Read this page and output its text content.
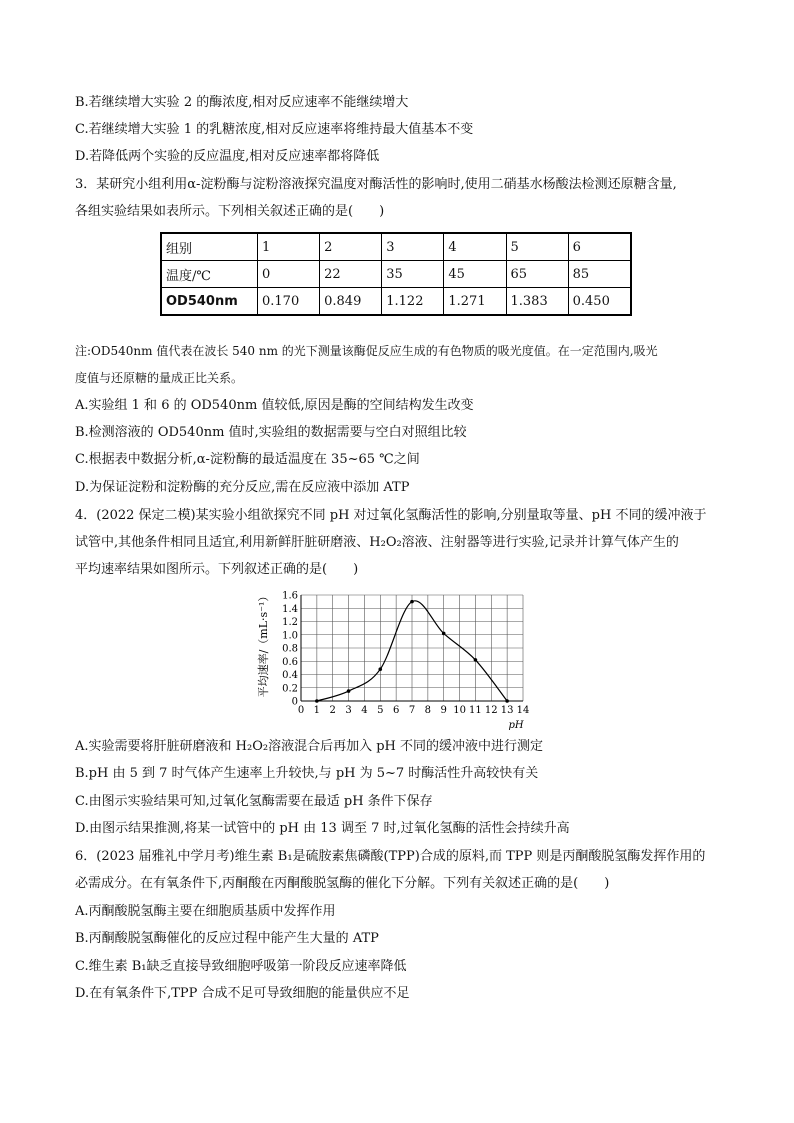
B.若继续增大实验 2 的酶浓度,相对反应速率不能继续增大
C.若继续增大实验 1 的乳糖浓度,相对反应速率将维持最大值基本不变
D.若降低两个实验的反应温度,相对反应速率都将降低
3．某研究小组利用α-淀粉酶与淀粉溶液探究温度对酶活性的影响时,使用二硝基水杨酸法检测还原糖含量,
各组实验结果如表所示。下列相关叙述正确的是(　　)
组别	1	2	3	4	5	6
温度/℃	0	22	35	45	65	85
OD540nm	0.170	0.849	1.122	1.271	1.383	0.450
注:OD540nm 值代表在波长 540 nm 的光下测量该酶促反应生成的有色物质的吸光度值。在一定范围内,吸光
度值与还原糖的量成正比关系。
A.实验组 1 和 6 的 OD540nm 值较低,原因是酶的空间结构发生改变
B.检测溶液的 OD540nm 值时,实验组的数据需要与空白对照组比较
C.根据表中数据分析,α-淀粉酶的最适温度在 35~65 ℃之间
D.为保证淀粉和淀粉酶的充分反应,需在反应液中添加 ATP
4．(2022 保定二模)某实验小组欲探究不同 pH 对过氧化氢酶活性的影响,分别量取等量、pH 不同的缓冲液于
试管中,其他条件相同且适宜,利用新鲜肝脏研磨液、H₂O₂溶液、注射器等进行实验,记录并计算气体产生的
平均速率结果如图所示。下列叙述正确的是(　　)
0 1 2 3 4 5 6 7 8 9 10 11 12 13 14
0
0.2
0.4
0.6
0.8
1.0
1.2
1.4
1.6
平均速率/（mL·s⁻¹）
pH
A.实验需要将肝脏研磨液和 H₂O₂溶液混合后再加入 pH 不同的缓冲液中进行测定
B.pH 由 5 到 7 时气体产生速率上升较快,与 pH 为 5~7 时酶活性升高较快有关
C.由图示实验结果可知,过氧化氢酶需要在最适 pH 条件下保存
D.由图示结果推测,将某一试管中的 pH 由 13 调至 7 时,过氧化氢酶的活性会持续升高
6．(2023 届雅礼中学月考)维生素 B₁是硫胺素焦磷酸(TPP)合成的原料,而 TPP 则是丙酮酸脱氢酶发挥作用的
必需成分。在有氧条件下,丙酮酸在丙酮酸脱氢酶的催化下分解。下列有关叙述正确的是(　　)
A.丙酮酸脱氢酶主要在细胞质基质中发挥作用
B.丙酮酸脱氢酶催化的反应过程中能产生大量的 ATP
C.维生素 B₁缺乏直接导致细胞呼吸第一阶段反应速率降低
D.在有氧条件下,TPP 合成不足可导致细胞的能量供应不足
